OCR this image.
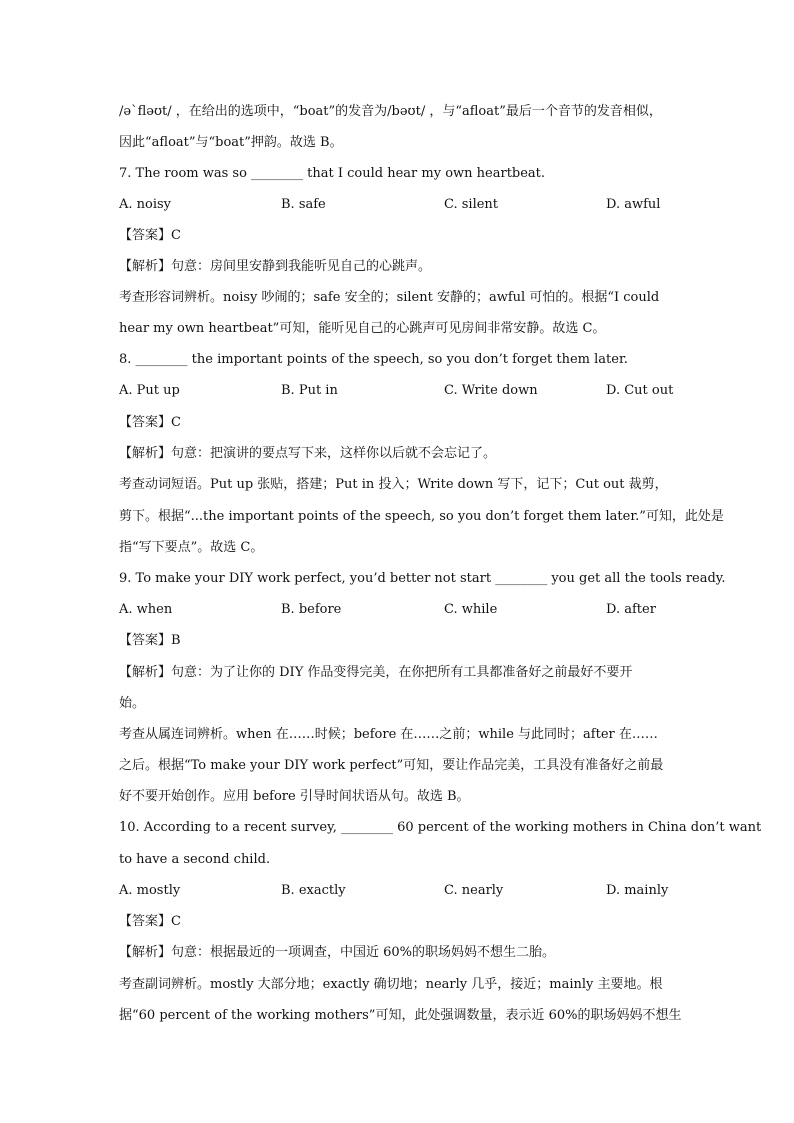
/ə`fləʊt/ ，在给出的选项中，“boat”的发音为/bəʊt/ ，与“afloat”最后一个音节的发音相似，
因此“afloat”与“boat”押韵。故选 B。
7. The room was so ________ that I could hear my own heartbeat.
A. noisy	B. safe	C. silent	D. awful
【答案】C
【解析】句意：房间里安静到我能听见自己的心跳声。
考查形容词辨析。noisy 吵闹的；safe 安全的；silent 安静的；awful 可怕的。根据“I could
hear my own heartbeat”可知，能听见自己的心跳声可见房间非常安静。故选 C。
8. ________ the important points of the speech, so you don’t forget them later.
A. Put up	B. Put in	C. Write down	D. Cut out
【答案】C
【解析】句意：把演讲的要点写下来，这样你以后就不会忘记了。
考查动词短语。Put up 张贴，搭建；Put in 投入；Write down 写下，记下；Cut out 裁剪，
剪下。根据“...the important points of the speech, so you don’t forget them later.”可知，此处是
指“写下要点”。故选 C。
9. To make your DIY work perfect, you’d better not start ________ you get all the tools ready.
A. when	B. before	C. while	D. after
【答案】B
【解析】句意：为了让你的 DIY 作品变得完美，在你把所有工具都准备好之前最好不要开
始。
考查从属连词辨析。when 在……时候；before 在……之前；while 与此同时；after 在……
之后。根据“To make your DIY work perfect”可知，要让作品完美，工具没有准备好之前最
好不要开始创作。应用 before 引导时间状语从句。故选 B。
10. According to a recent survey, ________ 60 percent of the working mothers in China don’t want
to have a second child.
A. mostly	B. exactly	C. nearly	D. mainly
【答案】C
【解析】句意：根据最近的一项调查，中国近 60%的职场妈妈不想生二胎。
考查副词辨析。mostly 大部分地；exactly 确切地；nearly 几乎，接近；mainly 主要地。根
据“60 percent of the working mothers”可知，此处强调数量，表示近 60%的职场妈妈不想生
